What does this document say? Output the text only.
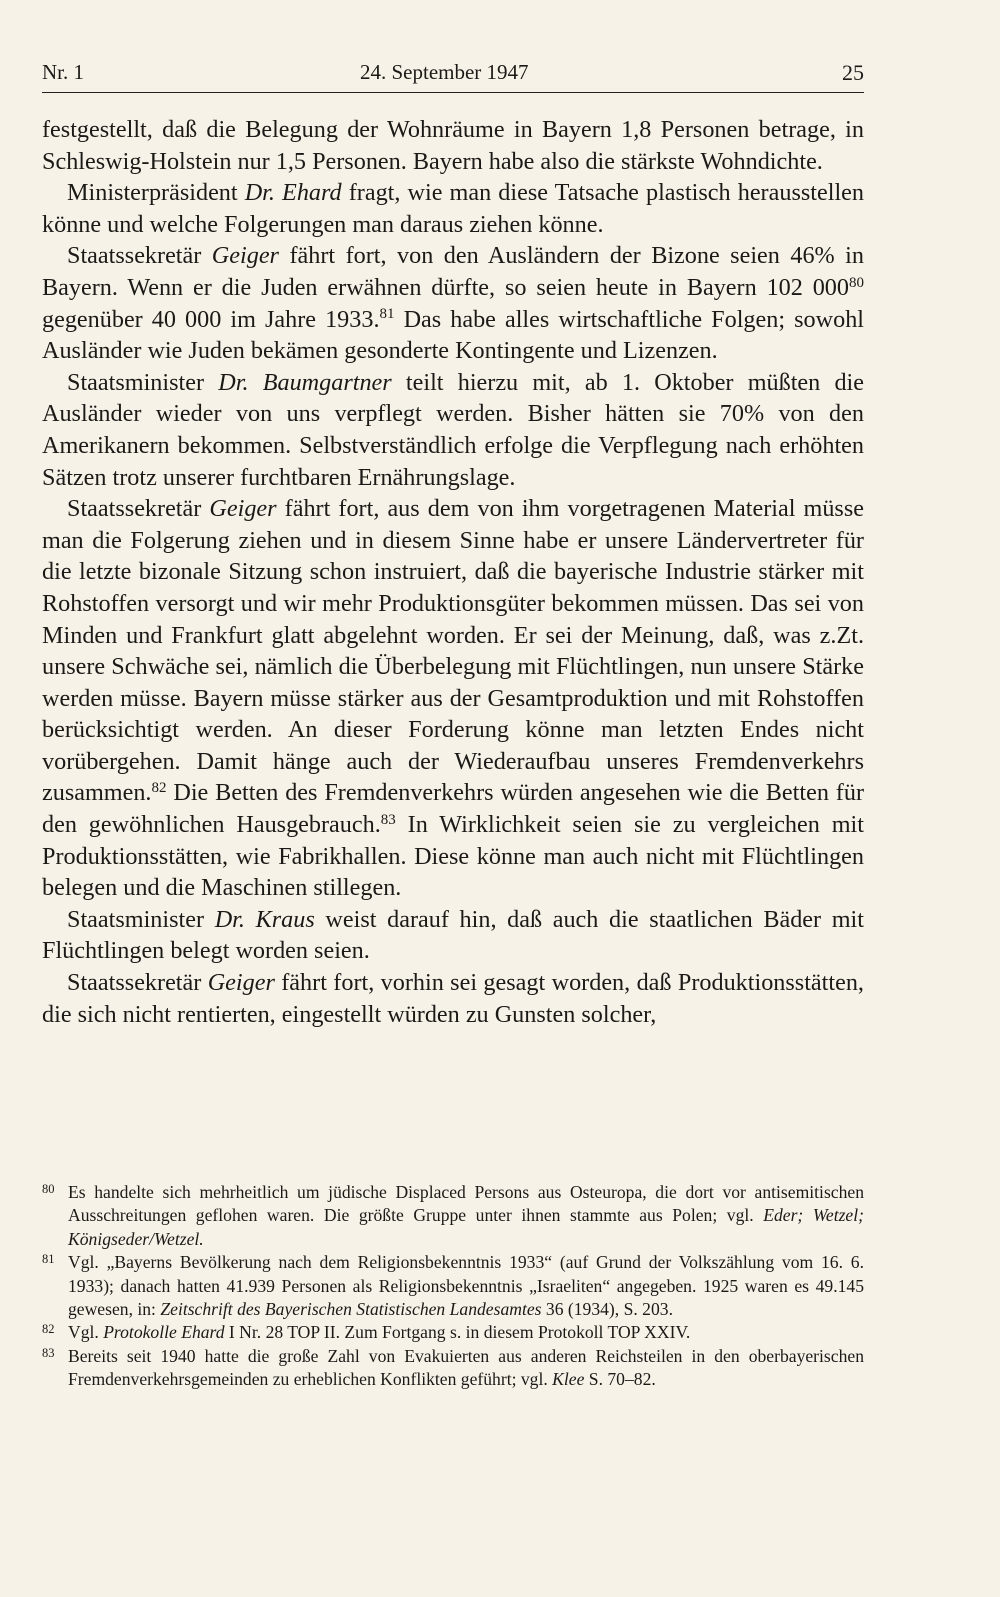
Nr. 1	24. September 1947	25

festgestellt, daß die Belegung der Wohnräume in Bayern 1,8 Personen betrage, in Schleswig-Holstein nur 1,5 Personen. Bayern habe also die stärkste Wohndichte.

Ministerpräsident Dr. Ehard fragt, wie man diese Tatsache plastisch herausstellen könne und welche Folgerungen man daraus ziehen könne.

Staatssekretär Geiger fährt fort, von den Ausländern der Bizone seien 46% in Bayern. Wenn er die Juden erwähnen dürfte, so seien heute in Bayern 102 $000^{80}$ gegenüber 40 000 im Jahre 1933.81 Das habe alles wirtschaftliche Folgen; sowohl Ausländer wie Juden bekämen gesonderte Kontingente und Lizenzen.

Staatsminister Dr. Baumgartner teilt hierzu mit, ab 1. Oktober müßten die Ausländer wieder von uns verpflegt werden. Bisher hätten sie 70% von den Amerikanern bekommen. Selbstverständlich erfolge die Verpflegung nach erhöhten Sätzen trotz unserer furchtbaren Ernährungslage.

Staatssekretär Geiger fährt fort, aus dem von ihm vorgetragenen Material müsse man die Folgerung ziehen und in diesem Sinne habe er unsere Ländervertreter für die letzte bizonale Sitzung schon instruiert, daß die bayerische Industrie stärker mit Rohstoffen versorgt und wir mehr Produktionsgüter bekommen müssen. Das sei von Minden und Frankfurt glatt abgelehnt worden. Er sei der Meinung, daß, was z.Zt. unsere Schwäche sei, nämlich die Überbelegung mit Flüchtlingen, nun unsere Stärke werden müsse. Bayern müsse stärker aus der Gesamtproduktion und mit Rohstoffen berücksichtigt werden. An dieser Forderung könne man letzten Endes nicht vorübergehen. Damit hänge auch der Wiederaufbau unseres Fremdenverkehrs zusammen.$^{82}$ Die Betten des Fremdenverkehrs würden angesehen wie die Betten für den gewöhnlichen Hausgebrauch.$^{83}$ In Wirklichkeit seien sie zu vergleichen mit Produktionsstätten, wie Fabrikhallen. Diese könne man auch nicht mit Flüchtlingen belegen und die Maschinen stillegen.

Staatsminister Dr. Kraus weist darauf hin, daß auch die staatlichen Bäder mit Flüchtlingen belegt worden seien.

Staatssekretär Geiger fährt fort, vorhin sei gesagt worden, daß Produktionsstätten, die sich nicht rentierten, eingestellt würden zu Gunsten solcher,

80 Es handelte sich mehrheitlich um jüdische Displaced Persons aus Osteuropa, die dort vor antisemitischen Ausschreitungen geflohen waren. Die größte Gruppe unter ihnen stammte aus Polen; vgl. Eder; Wetzel; Königseder/Wetzel.
81 Vgl. „Bayerns Bevölkerung nach dem Religionsbekenntnis 1933“ (auf Grund der Volkszählung vom 16. 6. 1933); danach hatten 41.939 Personen als Religionsbekenntnis „Israeliten“ angegeben. 1925 waren es 49.145 gewesen, in: Zeitschrift des Bayerischen Statistischen Landesamtes 36 (1934), S. 203.
82 Vgl. Protokolle Ehard I Nr. 28 TOP II. Zum Fortgang s. in diesem Protokoll TOP XXIV.
83 Bereits seit 1940 hatte die große Zahl von Evakuierten aus anderen Reichsteilen in den oberbayerischen Fremdenverkehrsgemeinden zu erheblichen Konflikten geführt; vgl. Klee S. 70–82.
